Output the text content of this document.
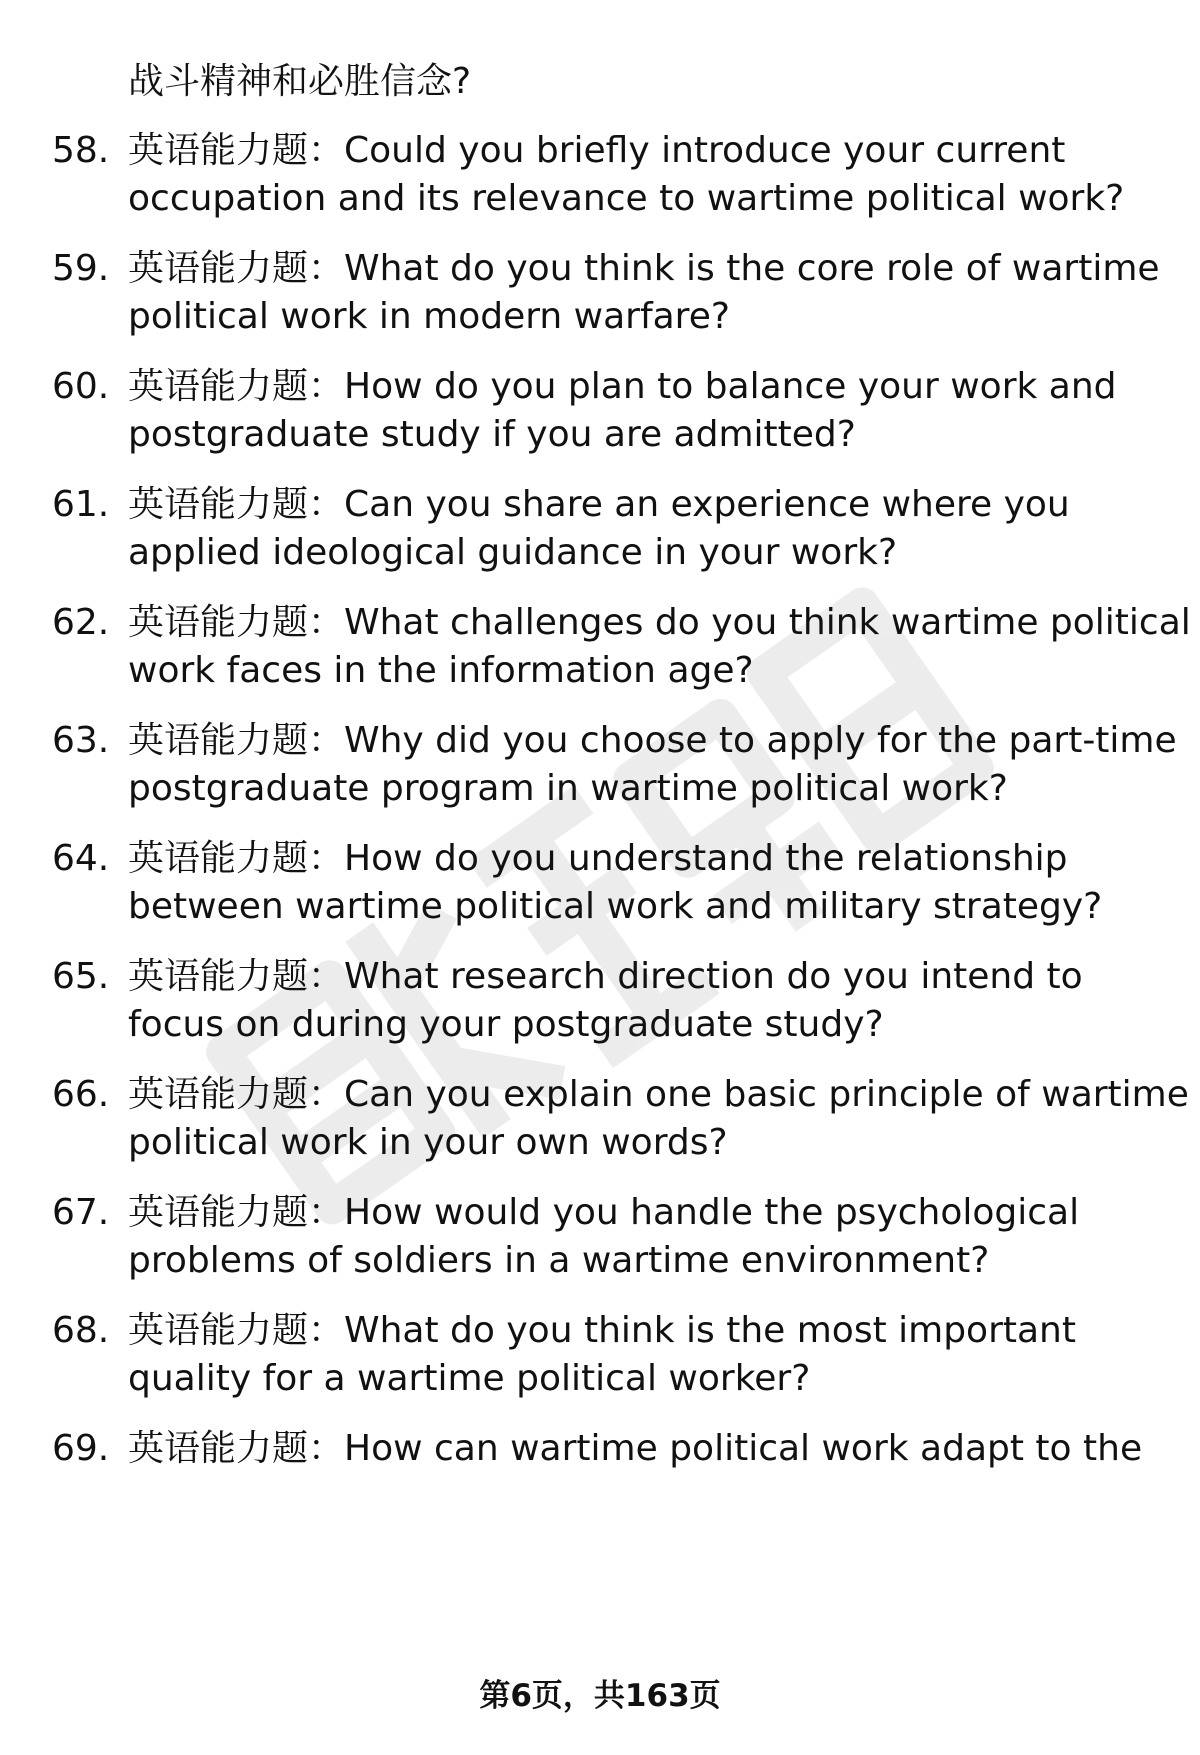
战斗精神和必胜信念?
58. 英语能力题：Could you briefly introduce your current
occupation and its relevance to wartime political work?
59. 英语能力题：What do you think is the core role of wartime
political work in modern warfare?
60. 英语能力题：How do you plan to balance your work and
postgraduate study if you are admitted?
61. 英语能力题：Can you share an experience where you
applied ideological guidance in your work?
62. 英语能力题：What challenges do you think wartime political
work faces in the information age?
63. 英语能力题：Why did you choose to apply for the part-time
postgraduate program in wartime political work?
64. 英语能力题：How do you understand the relationship
between wartime political work and military strategy?
65. 英语能力题：What research direction do you intend to
focus on during your postgraduate study?
66. 英语能力题：Can you explain one basic principle of wartime
political work in your own words?
67. 英语能力题：How would you handle the psychological
problems of soldiers in a wartime environment?
68. 英语能力题：What do you think is the most important
quality for a wartime political worker?
69. 英语能力题：How can wartime political work adapt to the
第6页，共163页
